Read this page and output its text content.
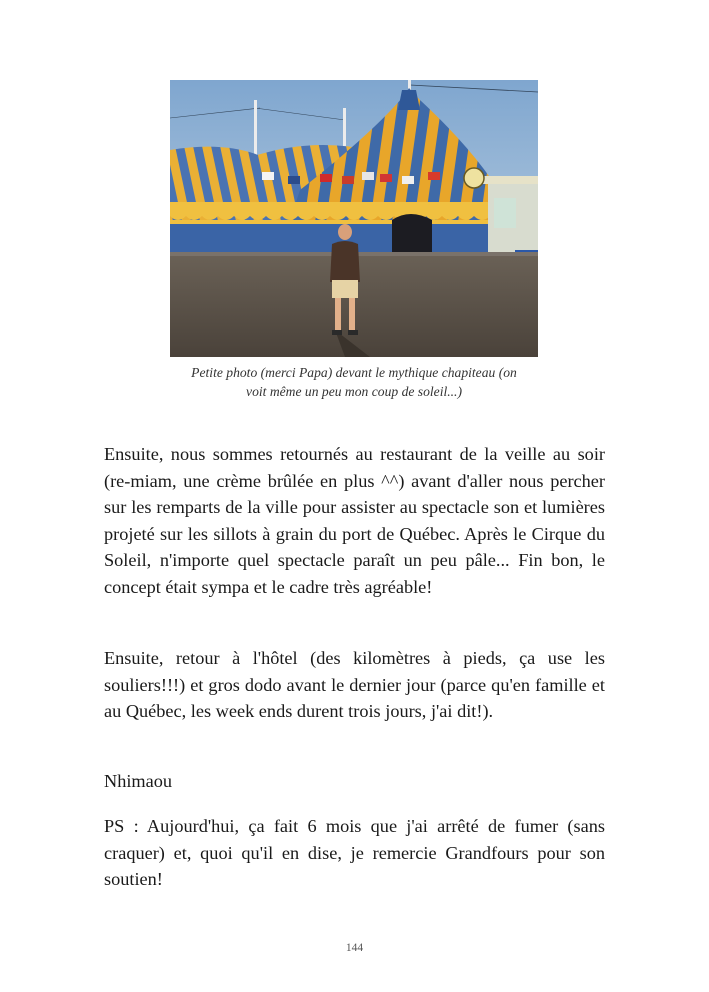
Petite photo (merci Papa) devant le mythique chapiteau (on
voit même un peu mon coup de soleil...)

Ensuite, nous sommes retournés au restaurant de la veille au soir (re-miam, une crème brûlée en plus ^^) avant d'aller nous percher sur les remparts de la ville pour assister au spectacle son et lumières projeté sur les sillots à grain du port de Québec. Après le Cirque du Soleil, n'importe quel spectacle paraît un peu pâle... Fin bon, le concept était sympa et le cadre très agréable!

Ensuite, retour à l'hôtel (des kilomètres à pieds, ça use les souliers!!!) et gros dodo avant le dernier jour (parce qu'en famille et au Québec, les week ends durent trois jours, j'ai dit!).

Nhimaou

PS : Aujourd'hui, ça fait 6 mois que j'ai arrêté de fumer (sans craquer) et, quoi qu'il en dise, je remercie Grandfours pour son soutien!

144
